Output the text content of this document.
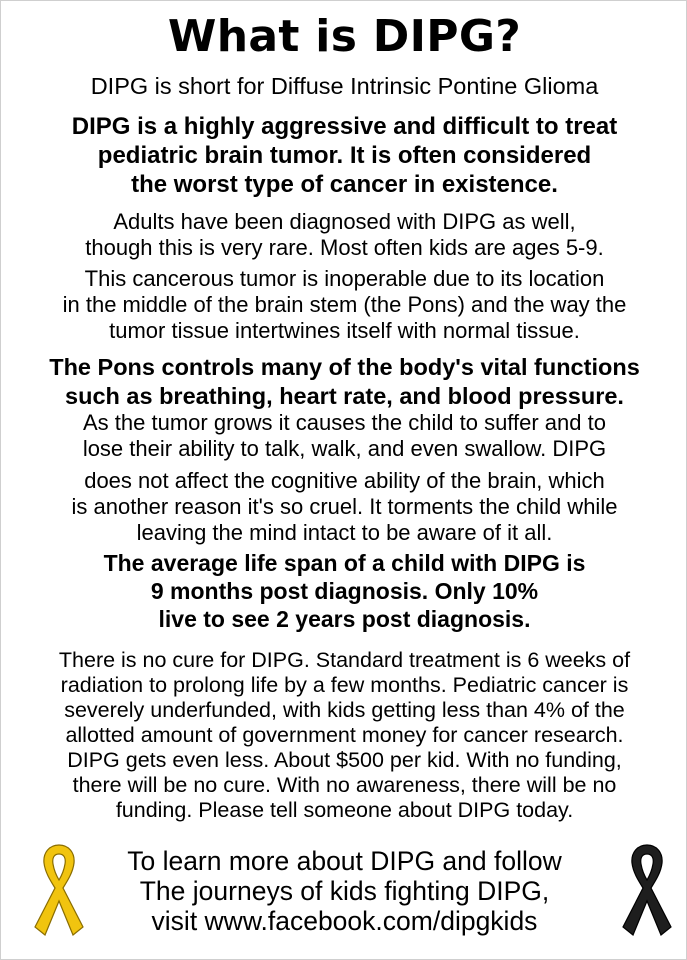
What is DIPG?
DIPG is short for Diffuse Intrinsic Pontine Glioma
DIPG is a highly aggressive and difficult to treat
pediatric brain tumor. It is often considered
the worst type of cancer in existence.
Adults have been diagnosed with DIPG as well,
though this is very rare. Most often kids are ages 5-9.
This cancerous tumor is inoperable due to its location
in the middle of the brain stem (the Pons) and the way the
tumor tissue intertwines itself with normal tissue.
The Pons controls many of the body's vital functions
such as breathing, heart rate, and blood pressure.
As the tumor grows it causes the child to suffer and to
lose their ability to talk, walk, and even swallow. DIPG
does not affect the cognitive ability of the brain, which
is another reason it's so cruel. It torments the child while
leaving the mind intact to be aware of it all.
The average life span of a child with DIPG is
9 months post diagnosis. Only 10%
live to see 2 years post diagnosis.
There is no cure for DIPG. Standard treatment is 6 weeks of
radiation to prolong life by a few months. Pediatric cancer is
severely underfunded, with kids getting less than 4% of the
allotted amount of government money for cancer research.
DIPG gets even less. About $500 per kid. With no funding,
there will be no cure. With no awareness, there will be no
funding. Please tell someone about DIPG today.
To learn more about DIPG and follow
The journeys of kids fighting DIPG,
visit www.facebook.com/dipgkids
